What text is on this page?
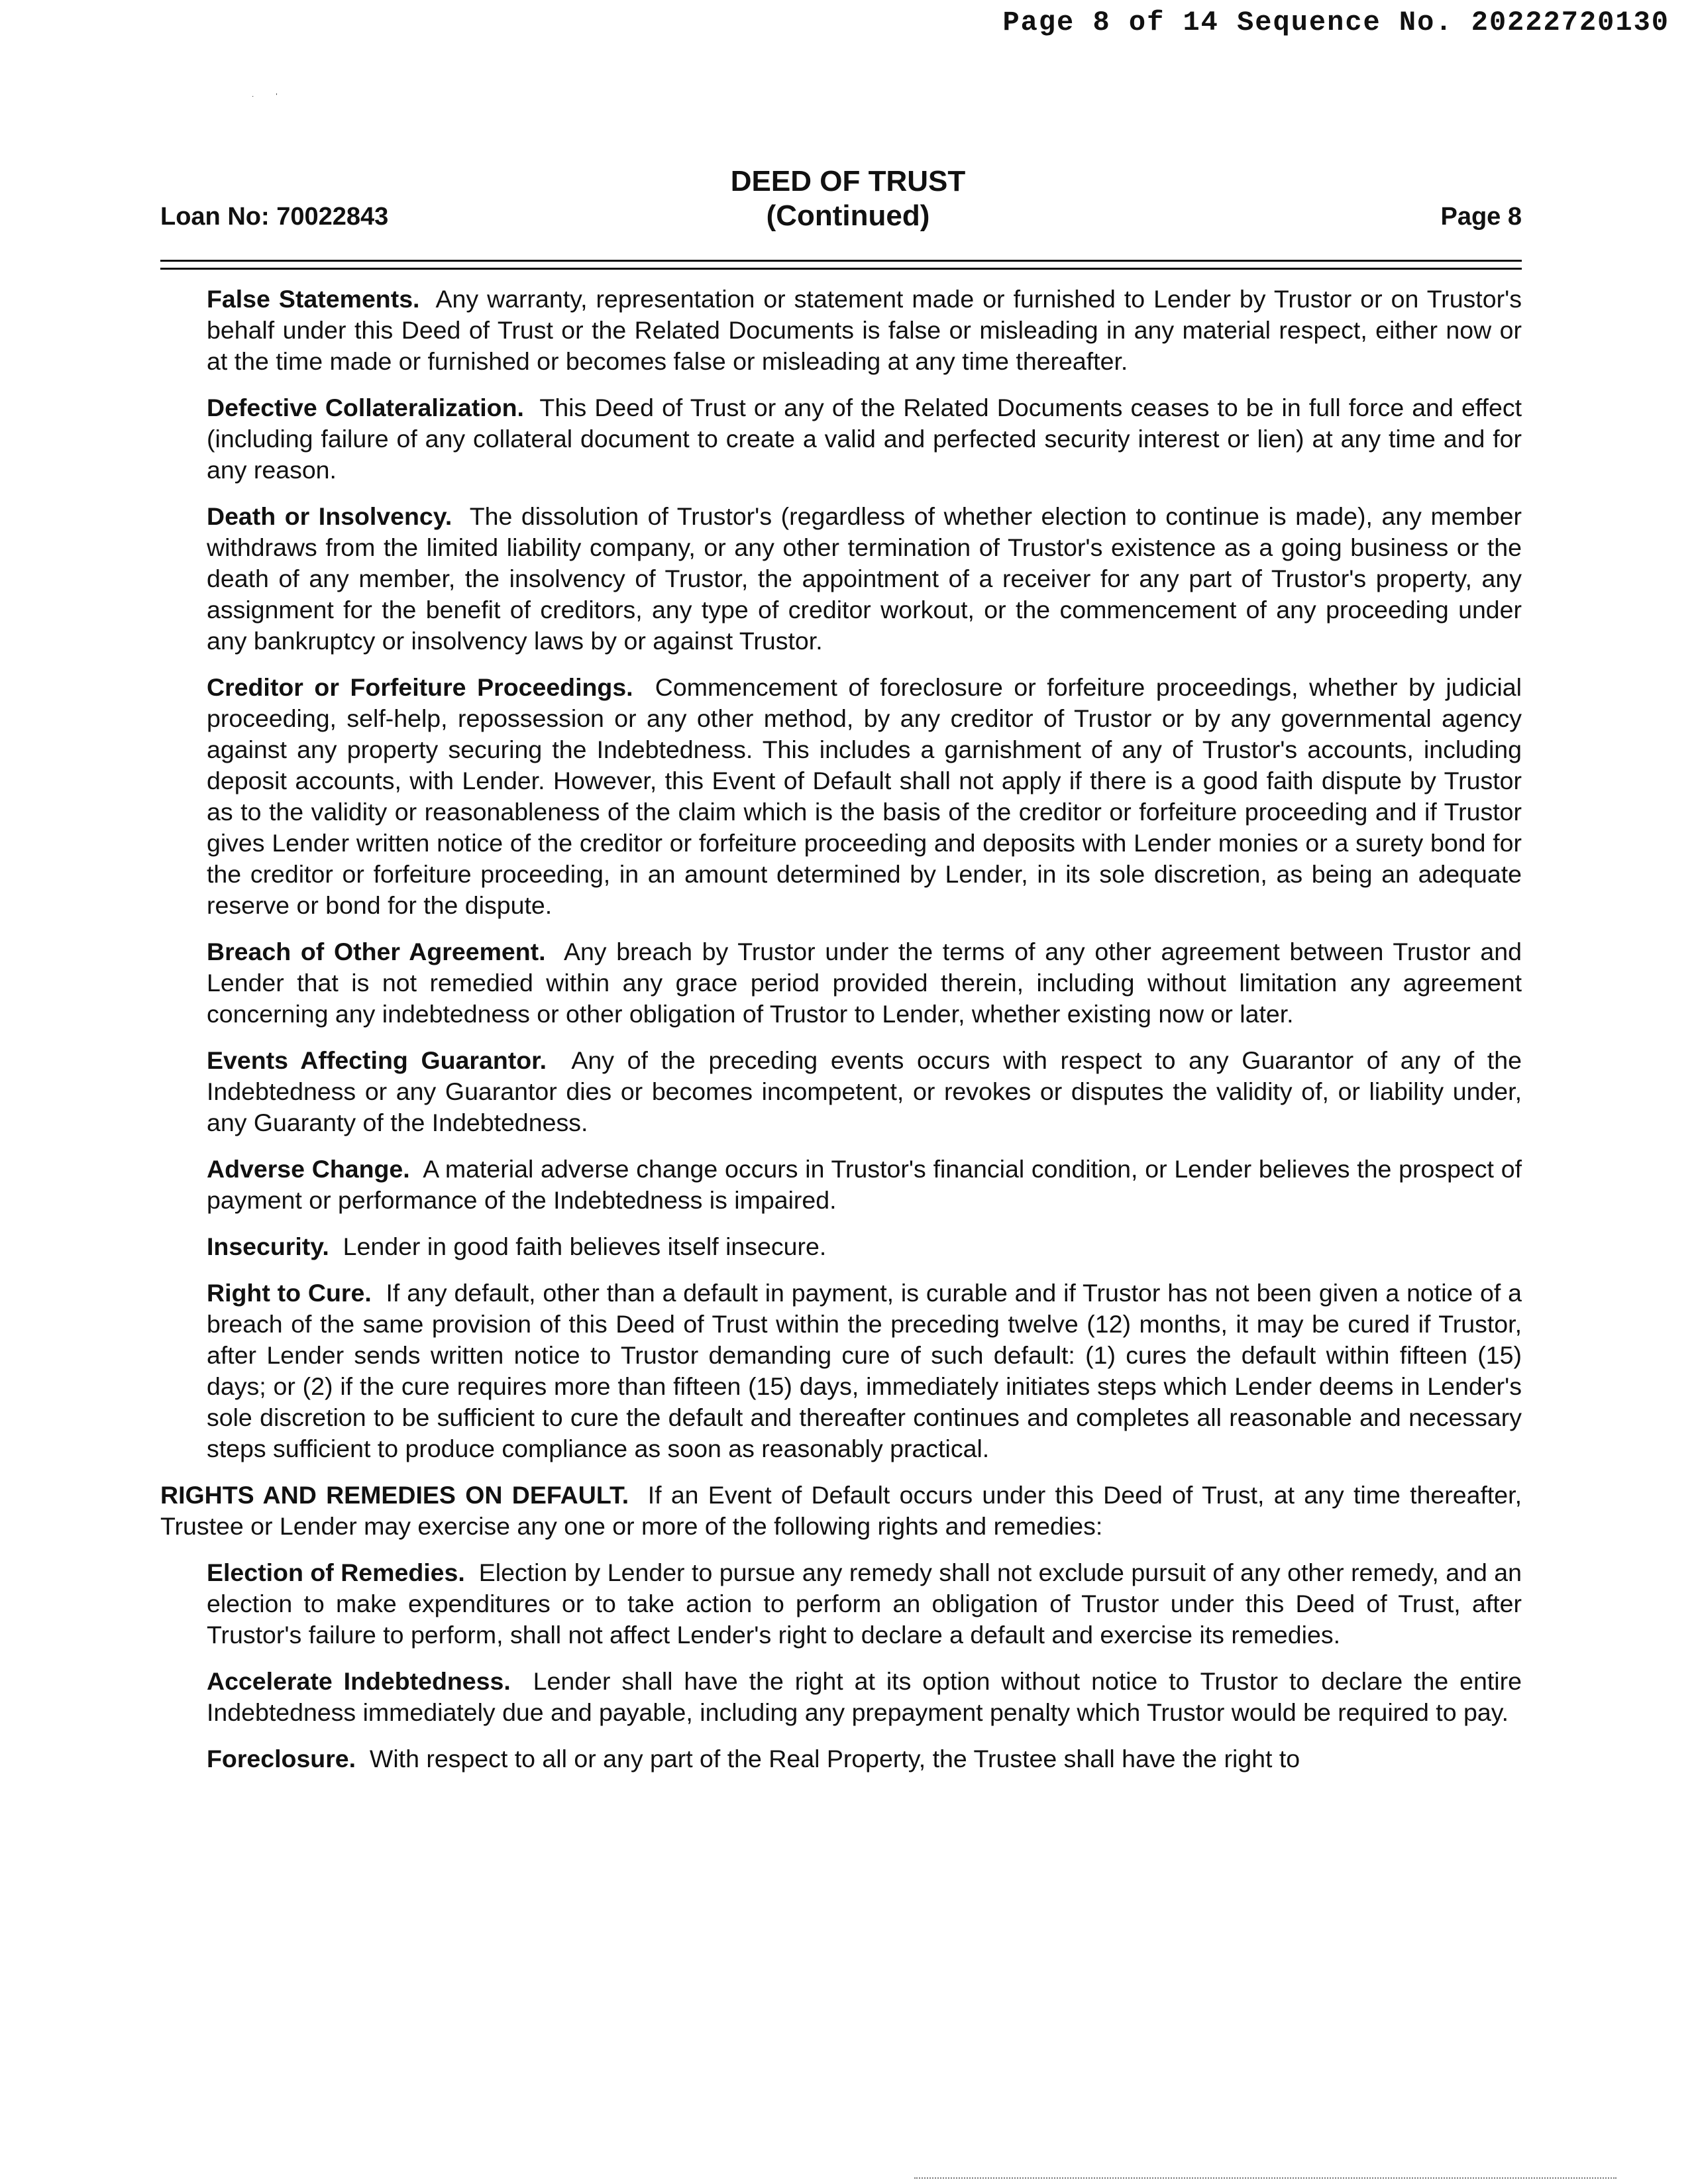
Page 8 of 14 Sequence No. 20222720130
·            '
DEED OF TRUST
(Continued)
Loan No: 70022843	Page 8

False Statements. Any warranty, representation or statement made or furnished to Lender by Trustor or on Trustor's behalf under this Deed of Trust or the Related Documents is false or misleading in any material respect, either now or at the time made or furnished or becomes false or misleading at any time thereafter.

Defective Collateralization. This Deed of Trust or any of the Related Documents ceases to be in full force and effect (including failure of any collateral document to create a valid and perfected security interest or lien) at any time and for any reason.

Death or Insolvency. The dissolution of Trustor's (regardless of whether election to continue is made), any member withdraws from the limited liability company, or any other termination of Trustor's existence as a going business or the death of any member, the insolvency of Trustor, the appointment of a receiver for any part of Trustor's property, any assignment for the benefit of creditors, any type of creditor workout, or the commencement of any proceeding under any bankruptcy or insolvency laws by or against Trustor.

Creditor or Forfeiture Proceedings. Commencement of foreclosure or forfeiture proceedings, whether by judicial proceeding, self-help, repossession or any other method, by any creditor of Trustor or by any governmental agency against any property securing the Indebtedness. This includes a garnishment of any of Trustor's accounts, including deposit accounts, with Lender. However, this Event of Default shall not apply if there is a good faith dispute by Trustor as to the validity or reasonableness of the claim which is the basis of the creditor or forfeiture proceeding and if Trustor gives Lender written notice of the creditor or forfeiture proceeding and deposits with Lender monies or a surety bond for the creditor or forfeiture proceeding, in an amount determined by Lender, in its sole discretion, as being an adequate reserve or bond for the dispute.

Breach of Other Agreement. Any breach by Trustor under the terms of any other agreement between Trustor and Lender that is not remedied within any grace period provided therein, including without limitation any agreement concerning any indebtedness or other obligation of Trustor to Lender, whether existing now or later.

Events Affecting Guarantor. Any of the preceding events occurs with respect to any Guarantor of any of the Indebtedness or any Guarantor dies or becomes incompetent, or revokes or disputes the validity of, or liability under, any Guaranty of the Indebtedness.

Adverse Change. A material adverse change occurs in Trustor's financial condition, or Lender believes the prospect of payment or performance of the Indebtedness is impaired.

Insecurity. Lender in good faith believes itself insecure.

Right to Cure. If any default, other than a default in payment, is curable and if Trustor has not been given a notice of a breach of the same provision of this Deed of Trust within the preceding twelve (12) months, it may be cured if Trustor, after Lender sends written notice to Trustor demanding cure of such default: (1) cures the default within fifteen (15) days; or (2) if the cure requires more than fifteen (15) days, immediately initiates steps which Lender deems in Lender's sole discretion to be sufficient to cure the default and thereafter continues and completes all reasonable and necessary steps sufficient to produce compliance as soon as reasonably practical.

RIGHTS AND REMEDIES ON DEFAULT. If an Event of Default occurs under this Deed of Trust, at any time thereafter, Trustee or Lender may exercise any one or more of the following rights and remedies:

Election of Remedies. Election by Lender to pursue any remedy shall not exclude pursuit of any other remedy, and an election to make expenditures or to take action to perform an obligation of Trustor under this Deed of Trust, after Trustor's failure to perform, shall not affect Lender's right to declare a default and exercise its remedies.

Accelerate Indebtedness. Lender shall have the right at its option without notice to Trustor to declare the entire Indebtedness immediately due and payable, including any prepayment penalty which Trustor would be required to pay.

Foreclosure. With respect to all or any part of the Real Property, the Trustee shall have the right to
